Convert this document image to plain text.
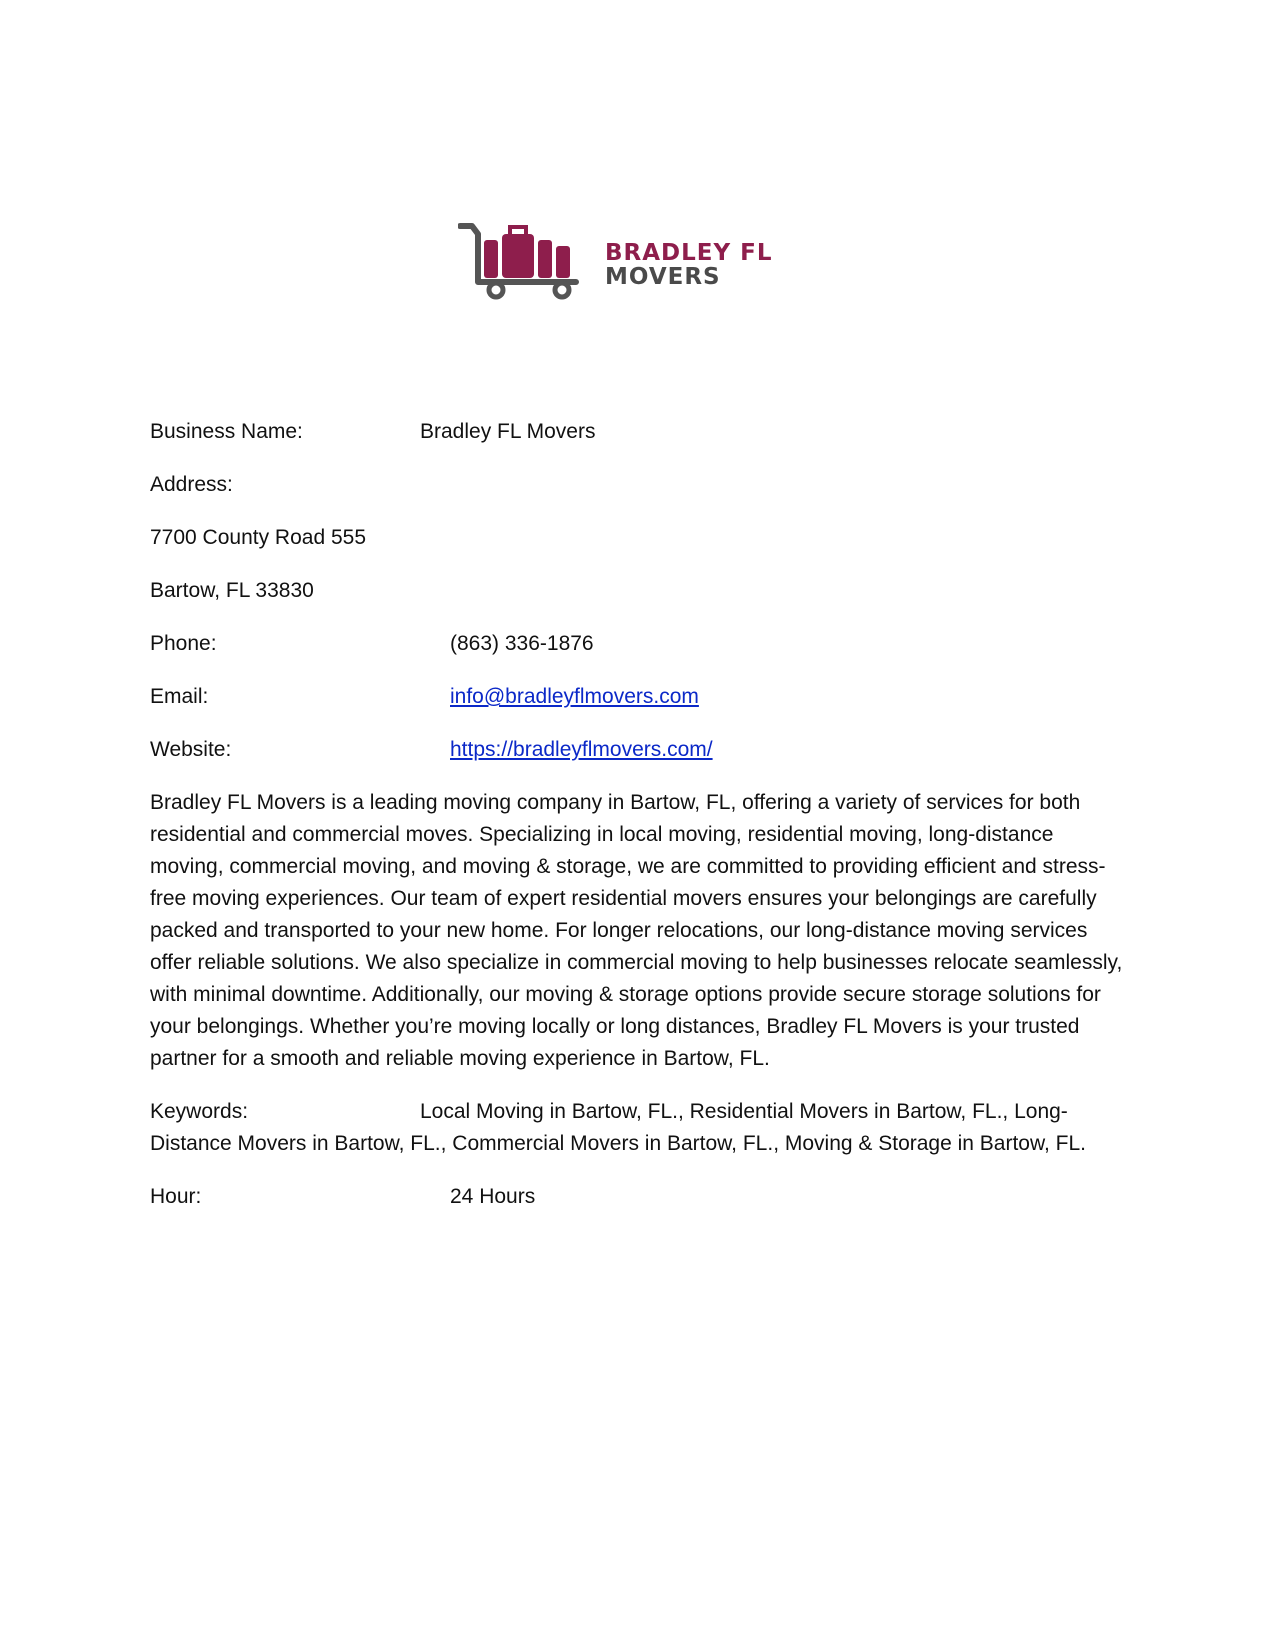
BRADLEY FL
MOVERS
Business Name:	Bradley FL Movers
Address:
7700 County Road 555
Bartow, FL 33830
Phone:	(863) 336-1876
Email:	info@bradleyflmovers.com
Website:	https://bradleyflmovers.com/

Bradley FL Movers is a leading moving company in Bartow, FL, offering a variety of services for both residential and commercial moves. Specializing in local moving, residential moving, long-distance moving, commercial moving, and moving & storage, we are committed to providing efficient and stress-free moving experiences. Our team of expert residential movers ensures your belongings are carefully packed and transported to your new home. For longer relocations, our long-distance moving services offer reliable solutions. We also specialize in commercial moving to help businesses relocate seamlessly, with minimal downtime. Additionally, our moving & storage options provide secure storage solutions for your belongings. Whether you’re moving locally or long distances, Bradley FL Movers is your trusted partner for a smooth and reliable moving experience in Bartow, FL.

Keywords:	Local Moving in Bartow, FL., Residential Movers in Bartow, FL., Long-Distance Movers in Bartow, FL., Commercial Movers in Bartow, FL., Moving & Storage in Bartow, FL.
Hour:	24 Hours
